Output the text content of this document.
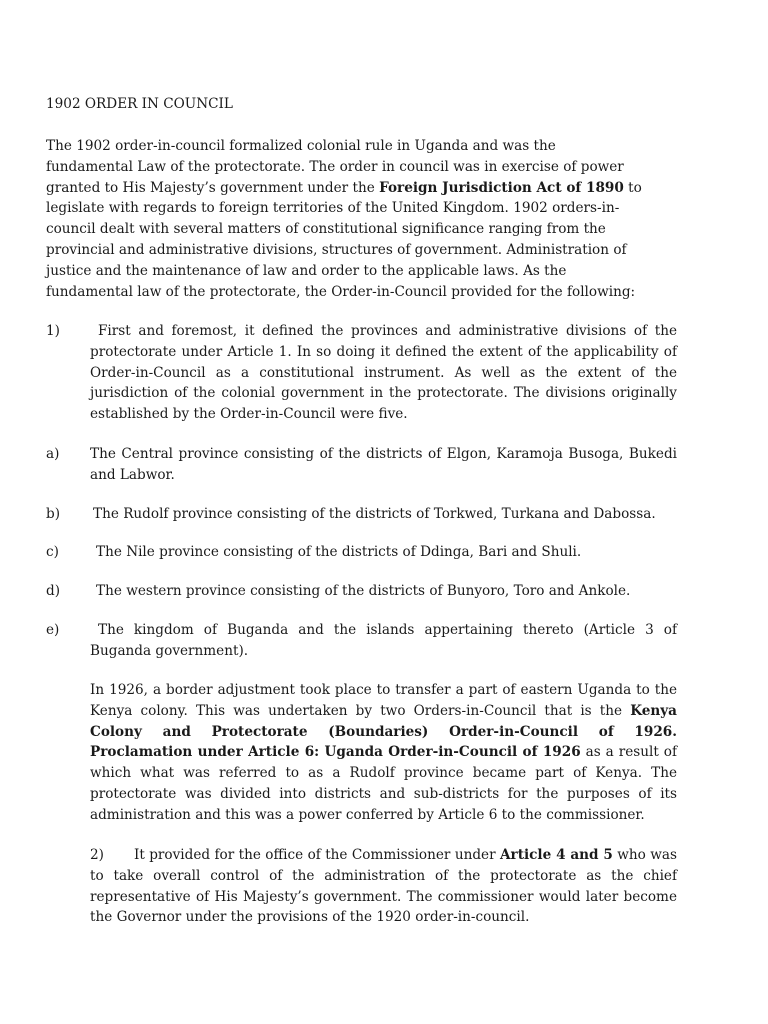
1902 ORDER IN COUNCIL

The 1902 order-in-council formalized colonial rule in Uganda and was the fundamental Law of the protectorate. The order in council was in exercise of power granted to His Majesty’s government under the Foreign Jurisdiction Act of 1890 to legislate with regards to foreign territories of the United Kingdom. 1902 orders-in-council dealt with several matters of constitutional significance ranging from the provincial and administrative divisions, structures of government. Administration of justice and the maintenance of law and order to the applicable laws. As the fundamental law of the protectorate, the Order-in-Council provided for the following:

1)	First and foremost, it defined the provinces and administrative divisions of the protectorate under Article 1. In so doing it defined the extent of the applicability of Order-in-Council as a constitutional instrument. As well as the extent of the jurisdiction of the colonial government in the protectorate. The divisions originally established by the Order-in-Council were five.
a) The Central province consisting of the districts of Elgon, Karamoja Busoga, Bukedi and Labwor.
b) The Rudolf province consisting of the districts of Torkwed, Turkana and Dabossa.
c)	The Nile province consisting of the districts of Ddinga, Bari and Shuli.
d)	The western province consisting of the districts of Bunyoro, Toro and Ankole.
e)	The kingdom of Buganda and the islands appertaining thereto (Article 3 of Buganda government).

In 1926, a border adjustment took place to transfer a part of eastern Uganda to the Kenya colony. This was undertaken by two Orders-in-Council that is the Kenya Colony and Protectorate (Boundaries) Order-in-Council of 1926. Proclamation under Article 6: Uganda Order-in-Council of 1926 as a result of which what was referred to as a Rudolf province became part of Kenya. The protectorate was divided into districts and sub-districts for the purposes of its administration and this was a power conferred by Article 6 to the commissioner.

2) It provided for the office of the Commissioner under Article 4 and 5 who was to take overall control of the administration of the protectorate as the chief representative of His Majesty’s government. The commissioner would later become the Governor under the provisions of the 1920 order-in-council.
